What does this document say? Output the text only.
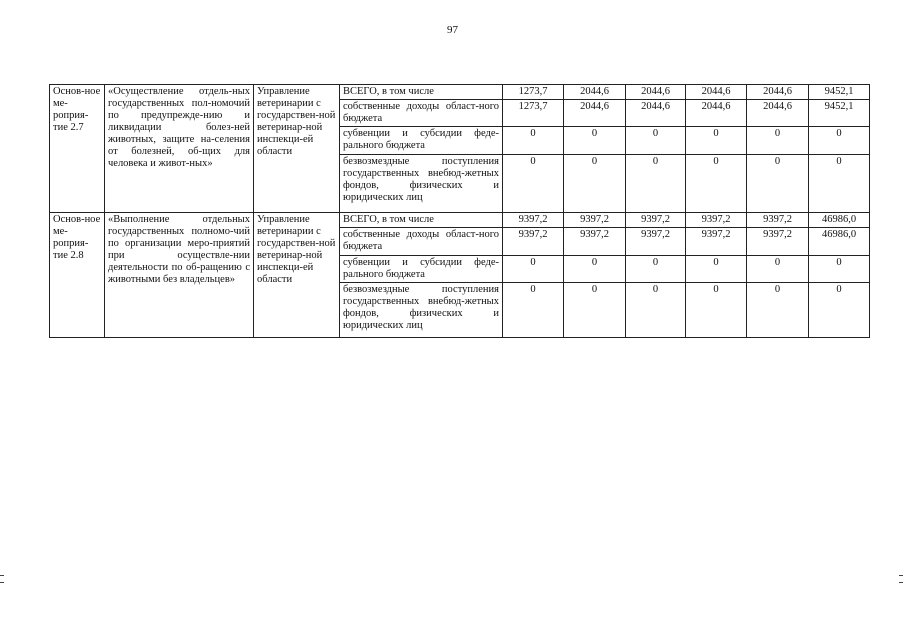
97
Основ-ное ме-роприя-тие 2.7	«Осуществление отдель-ных государственных пол-номочий по предупрежде-нию и ликвидации болез-ней животных, защите на-селения от болезней, об-щих для человека и живот-ных»	Управление ветеринарии с государствен-ной ветеринар-ной инспекци-ей области	ВСЕГО, в том числе	1273,7	2044,6	2044,6	2044,6	2044,6	9452,1
			собственные доходы област-ного бюджета	1273,7	2044,6	2044,6	2044,6	2044,6	9452,1
			субвенции и субсидии феде-рального бюджета	0	0	0	0	0	0
			безвозмездные поступления государственных внебюд-жетных фондов, физических и юридических лиц	0	0	0	0	0	0
Основ-ное ме-роприя-тие 2.8	«Выполнение отдельных государственных полномо-чий по организации меро-приятий при осуществле-нии деятельности по об-ращению с животными без владельцев»	Управление ветеринарии с государствен-ной ветеринар-ной инспекци-ей области	ВСЕГО, в том числе	9397,2	9397,2	9397,2	9397,2	9397,2	46986,0
			собственные доходы област-ного бюджета	9397,2	9397,2	9397,2	9397,2	9397,2	46986,0
			субвенции и субсидии феде-рального бюджета	0	0	0	0	0	0
			безвозмездные поступления государственных внебюд-жетных фондов, физических и юридических лиц	0	0	0	0	0	0
